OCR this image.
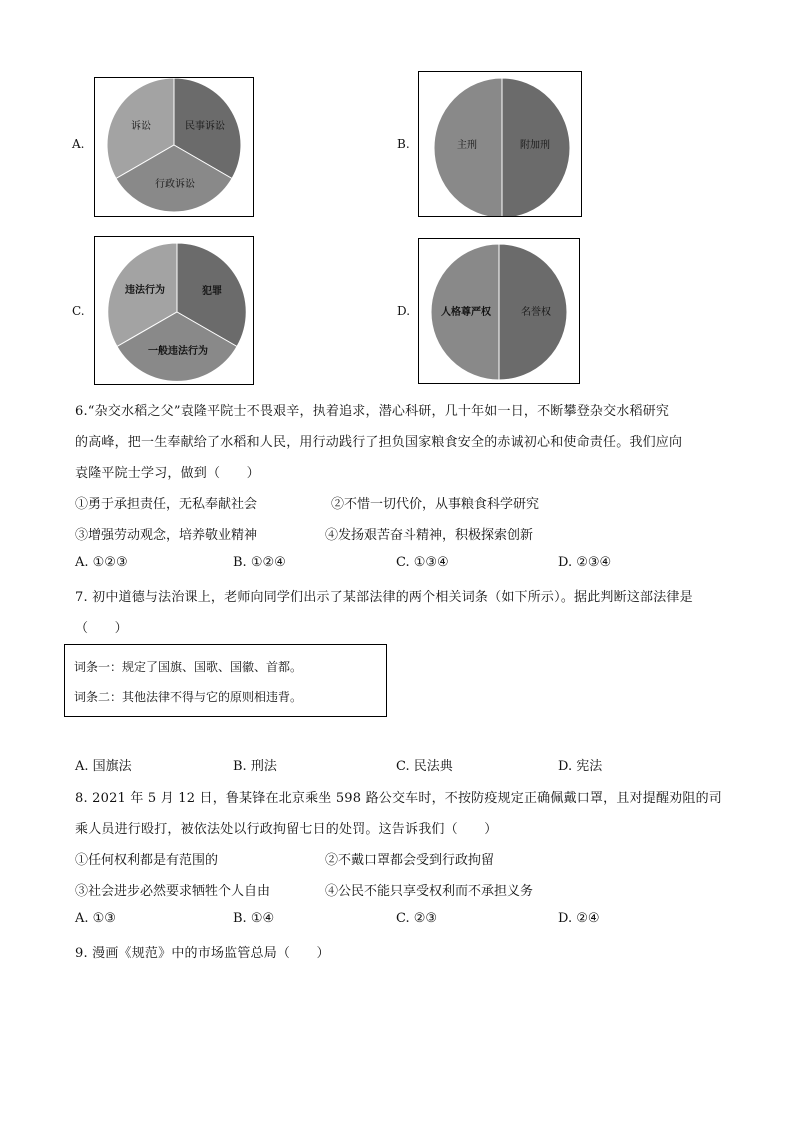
A.	B.
C.	D.
诉讼	民事诉讼
行政诉讼
主刑	附加刑
违法行为	犯罪
一般违法行为
人格尊严权	名誉权
6.“杂交水稻之父”袁隆平院士不畏艰辛，执着追求，潜心科研，几十年如一日，不断攀登杂交水稻研究
的高峰，把一生奉献给了水稻和人民，用行动践行了担负国家粮食安全的赤诚初心和使命责任。我们应向
袁隆平院士学习，做到（　　）
①勇于承担责任，无私奉献社会	②不惜一切代价，从事粮食科学研究
③增强劳动观念，培养敬业精神	④发扬艰苦奋斗精神，积极探索创新
A. ①②③	B. ①②④	C. ①③④	D. ②③④
7. 初中道德与法治课上，老师向同学们出示了某部法律的两个相关词条（如下所示）。据此判断这部法律是
（　　）
词条一：规定了国旗、国歌、国徽、首都。
词条二：其他法律不得与它的原则相违背。
A. 国旗法	B. 刑法	C. 民法典	D. 宪法
8. 2021 年 5 月 12 日，鲁某锋在北京乘坐 598 路公交车时，不按防疫规定正确佩戴口罩，且对提醒劝阻的司
乘人员进行殴打，被依法处以行政拘留七日的处罚。这告诉我们（　　）
①任何权利都是有范围的	②不戴口罩都会受到行政拘留
③社会进步必然要求牺牲个人自由	④公民不能只享受权利而不承担义务
A. ①③	B. ①④	C. ②③	D. ②④
9. 漫画《规范》中的市场监管总局（　　）
